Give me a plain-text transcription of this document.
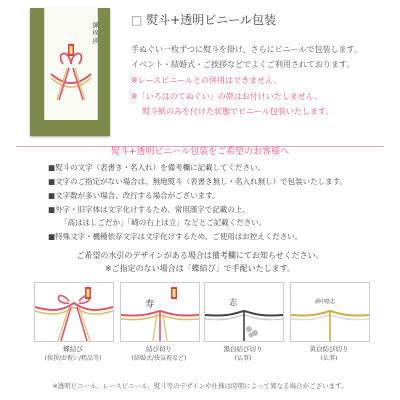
御 挨 拶
□ 熨斗+透明ビニール包装
手ぬぐい一枚ずつに熨斗を掛け、さらにビニールで包装します。
イベント・結婚式・ご挨拶などでよくご利用されております。
※レースビニールとの併用はできません。
※「いろはのてぬぐい」の帯はお付けいたしません。
熨斗紙のみを付けた状態でビニール包装いたします。
熨斗+透明ビニール包装をご希望のお客様へ
■熨斗の文字（表書き・名入れ）を備考欄に記載してください。
■文字のご指定がない場合は、無地熨斗（表書き無し・名入れ無し）で包装いたします。
■文字数が多い場合、改行する場合がございます。
■外字・旧字体は文字化けするため、常用漢字で記載の上、
「高ははしごだか」「崎の右上は立」などとご記載ください。
■特殊文字・機種依存文字は文字化けするため、ご使用はお控えください。
ご希望の水引のデザインがある場合は備考欄にてお知らせください。
※ご指定のない場合は「蝶結び」で手配いたします。
寿	志	満中陰志
蝶結び
(挨拶/お祝い/粗品等)
結び切り
(結婚式/快気祝など)
黒白結び切り
(仏事)
黄白結び切り
(仏事)
※透明ビニール、レースビニール、熨斗等のデザインや仕様は時期によって異なる場合がございます。
